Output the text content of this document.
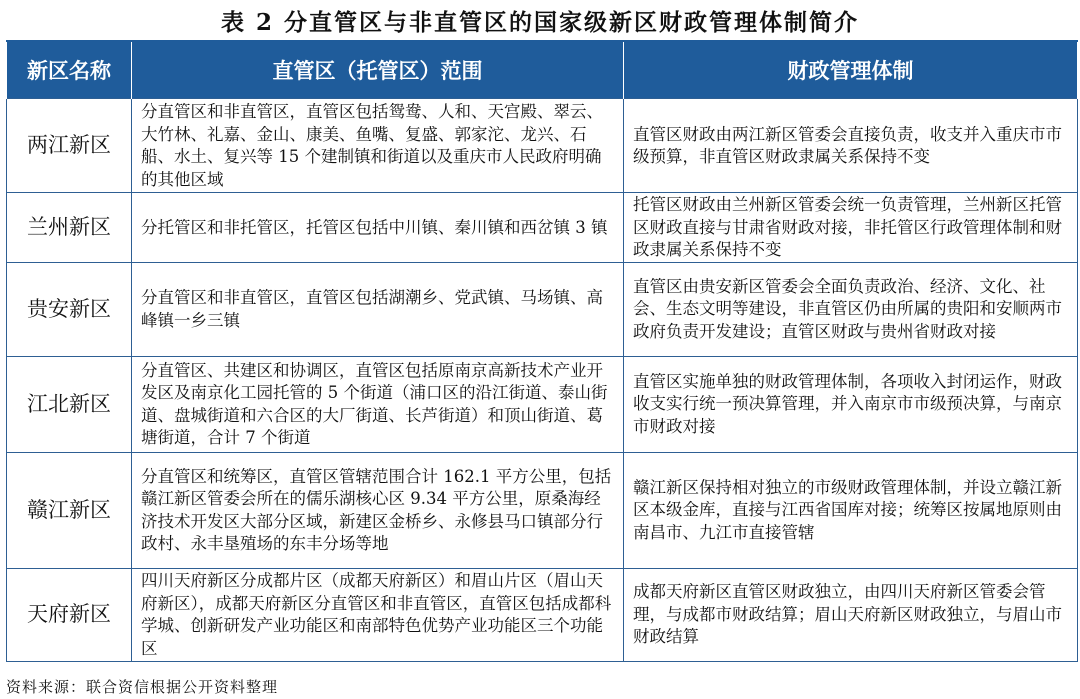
表 2 分直管区与非直管区的国家级新区财政管理体制简介
新区名称	直管区（托管区）范围	财政管理体制
两江新区	分直管区和非直管区，直管区包括鸳鸯、人和、天宫殿、翠云、大竹林、礼嘉、金山、康美、鱼嘴、复盛、郭家沱、龙兴、石船、水土、复兴等 15 个建制镇和街道以及重庆市人民政府明确的其他区域	直管区财政由两江新区管委会直接负责，收支并入重庆市市级预算，非直管区财政隶属关系保持不变
兰州新区	分托管区和非托管区，托管区包括中川镇、秦川镇和西岔镇 3 镇	托管区财政由兰州新区管委会统一负责管理，兰州新区托管区财政直接与甘肃省财政对接，非托管区行政管理体制和财政隶属关系保持不变
贵安新区	分直管区和非直管区，直管区包括湖潮乡、党武镇、马场镇、高峰镇一乡三镇	直管区由贵安新区管委会全面负责政治、经济、文化、社会、生态文明等建设，非直管区仍由所属的贵阳和安顺两市政府负责开发建设；直管区财政与贵州省财政对接
江北新区	分直管区、共建区和协调区，直管区包括原南京高新技术产业开发区及南京化工园托管的 5 个街道（浦口区的沿江街道、泰山街道、盘城街道和六合区的大厂街道、长芦街道）和顶山街道、葛塘街道，合计 7 个街道	直管区实施单独的财政管理体制，各项收入封闭运作，财政收支实行统一预决算管理，并入南京市市级预决算，与南京市财政对接
赣江新区	分直管区和统筹区，直管区管辖范围合计 162.1 平方公里，包括赣江新区管委会所在的儒乐湖核心区 9.34 平方公里，原桑海经济技术开发区大部分区域，新建区金桥乡、永修县马口镇部分行政村、永丰垦殖场的东丰分场等地	赣江新区保持相对独立的市级财政管理体制，并设立赣江新区本级金库，直接与江西省国库对接；统筹区按属地原则由南昌市、九江市直接管辖
天府新区	四川天府新区分成都片区（成都天府新区）和眉山片区（眉山天府新区），成都天府新区分直管区和非直管区，直管区包括成都科学城、创新研发产业功能区和南部特色优势产业功能区三个功能区	成都天府新区直管区财政独立，由四川天府新区管委会管理，与成都市财政结算；眉山天府新区财政独立，与眉山市财政结算
资料来源：联合资信根据公开资料整理
